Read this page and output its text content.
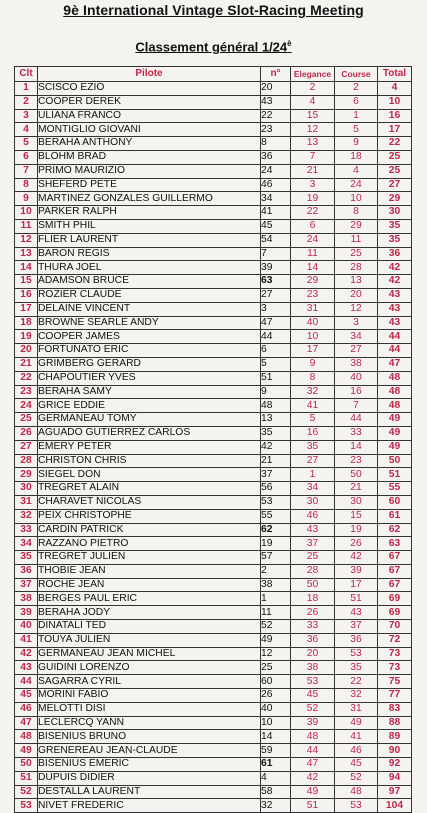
9è International Vintage Slot-Racing Meeting
Classement général $1/24^è$
Clt	Pilote	n°	Elegance	Course	Total
1	SCISCO EZIO	20	2	2	4
2	COOPER DEREK	43	4	6	10
3	ULIANA FRANCO	22	15	1	16
4	MONTIGLIO GIOVANI	23	12	5	17
5	BERAHA ANTHONY	8	13	9	22
6	BLOHM BRAD	36	7	18	25
7	PRIMO MAURIZIO	24	21	4	25
8	SHEFERD PETE	46	3	24	27
9	MARTINEZ GONZALES GUILLERMO	34	19	10	29
10	PARKER RALPH	41	22	8	30
11	SMITH PHIL	45	6	29	35
12	FLIER LAURENT	54	24	11	35
13	BARON REGIS	7	11	25	36
14	THURA JOEL	39	14	28	42
15	ADAMSON BRUCE	63	29	13	42
16	ROZIER CLAUDE	27	23	20	43
17	DELAINE VINCENT	3	31	12	43
18	BROWNE SEARLE ANDY	47	40	3	43
19	COOPER JAMES	44	10	34	44
20	FORTUNATO ERIC	6	17	27	44
21	GRIMBERG GERARD	5	9	38	47
22	CHAPOUTIER YVES	51	8	40	48
23	BERAHA SAMY	9	32	16	48
24	GRICE EDDIE	48	41	7	48
25	GERMANEAU TOMY	13	5	44	49
26	AGUADO GUTIERREZ CARLOS	35	16	33	49
27	EMERY PETER	42	35	14	49
28	CHRISTON CHRIS	21	27	23	50
29	SIEGEL DON	37	1	50	51
30	TREGRET ALAIN	56	34	21	55
31	CHARAVET NICOLAS	53	30	30	60
32	PEIX CHRISTOPHE	55	46	15	61
33	CARDIN PATRICK	62	43	19	62
34	RAZZANO PIETRO	19	37	26	63
35	TREGRET JULIEN	57	25	42	67
36	THOBIE JEAN	2	28	39	67
37	ROCHE JEAN	38	50	17	67
38	BERGES PAUL ERIC	1	18	51	69
39	BERAHA JODY	11	26	43	69
40	DINATALI TED	52	33	37	70
41	TOUYA JULIEN	49	36	36	72
42	GERMANEAU JEAN MICHEL	12	20	53	73
43	GUIDINI LORENZO	25	38	35	73
44	SAGARRA CYRIL	60	53	22	75
45	MORINI FABIO	26	45	32	77
46	MELOTTI DISI	40	52	31	83
47	LECLERCQ YANN	10	39	49	88
48	BISENIUS BRUNO	14	48	41	89
49	GRENEREAU JEAN-CLAUDE	59	44	46	90
50	BISENIUS EMERIC	61	47	45	92
51	DUPUIS DIDIER	4	42	52	94
52	DESTALLA LAURENT	58	49	48	97
53	NIVET FREDERIC	32	51	53	104
